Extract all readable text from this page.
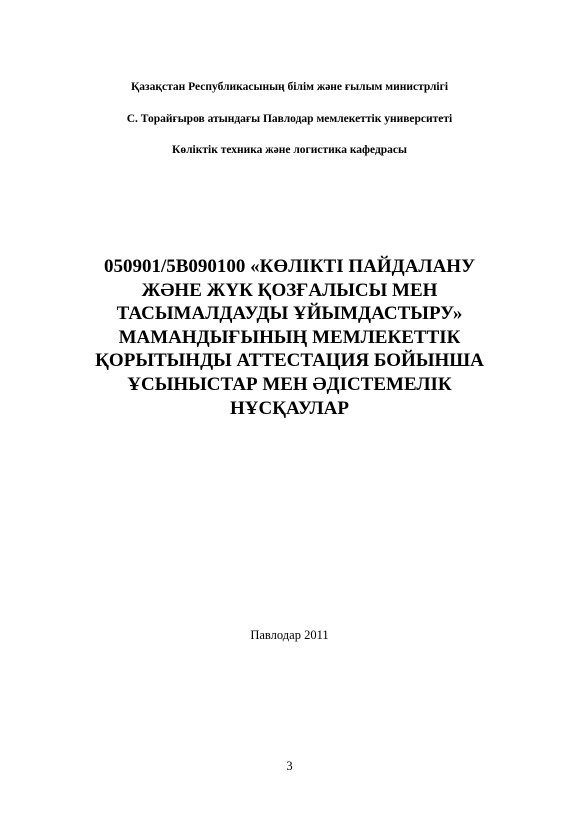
Қазақстан Республикасының білім және ғылым министрлігі
С. Торайғыров атындағы Павлодар мемлекеттік университеті
Көліктік техника және логистика кафедрасы
050901/5В090100 «КӨЛІКТІ ПАЙДАЛАНУ
ЖӘНЕ ЖҮК ҚОЗҒАЛЫСЫ МЕН
ТАСЫМАЛДАУДЫ ҰЙЫМДАСТЫРУ»
МАМАНДЫҒЫНЫҢ МЕМЛЕКЕТТІК
ҚОРЫТЫНДЫ АТТЕСТАЦИЯ БОЙЫНША
ҰСЫНЫСТАР МЕН ӘДІСТЕМЕЛІК
НҰСҚАУЛАР
Павлодар 2011
3
